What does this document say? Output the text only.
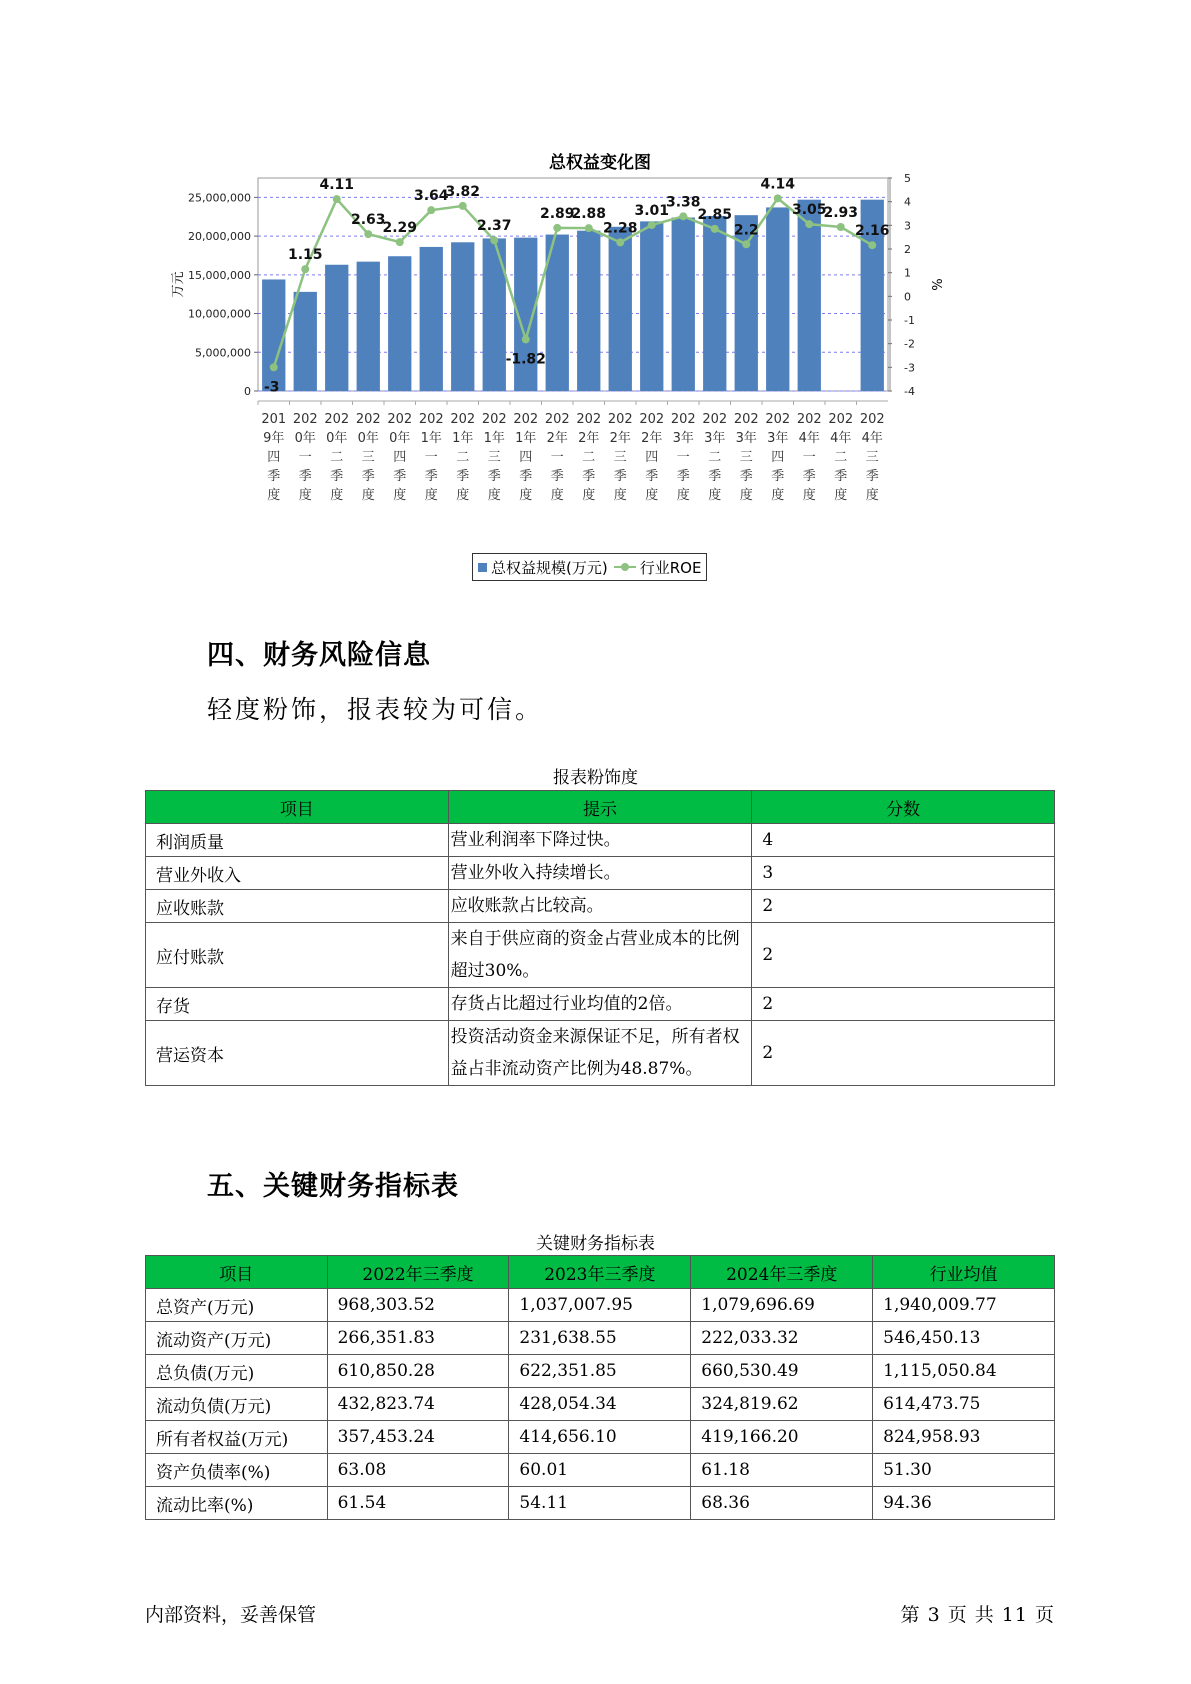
总权益变化图
0
5,000,000
10,000,000
15,000,000
20,000,000
25,000,000
-4
-3
-2
-1
0
1
2
3
4
5
万元	%
201
9年
四
季
度
202
0年
一
季
度
202
0年
二
季
度
202
0年
三
季
度
202
0年
四
季
度
202
1年
一
季
度
202
1年
二
季
度
202
1年
三
季
度
202
1年
四
季
度
202
2年
一
季
度
202
2年
二
季
度
202
2年
三
季
度
202
2年
四
季
度
202
3年
一
季
度
202
3年
二
季
度
202
3年
三
季
度
202
3年
四
季
度
202
4年
一
季
度
202
4年
二
季
度
202
4年
三
季
度
-3
1.15
4.11
2.63
2.29
3.64
3.82
2.37
-1.82
2.89
2.88
2.28
3.01
3.38
2.85
2.2
4.14
3.05
2.93
2.16
总权益规模(万元) 行业ROE
四、财务风险信息
轻度粉饰，报表较为可信。
报表粉饰度
项目	提示	分数
利润质量	营业利润率下降过快。	4
营业外收入	营业外收入持续增长。	3
应收账款	应收账款占比较高。	2
应付账款	来自于供应商的资金占营业成本的比例超过30%。	2
存货	存货占比超过行业均值的2倍。	2
营运资本	投资活动资金来源保证不足，所有者权益占非流动资产比例为48.87%。	2
五、关键财务指标表
关键财务指标表
项目	2022年三季度	2023年三季度	2024年三季度	行业均值
总资产(万元)	968,303.52	1,037,007.95	1,079,696.69	1,940,009.77
流动资产(万元)	266,351.83	231,638.55	222,033.32	546,450.13
总负债(万元)	610,850.28	622,351.85	660,530.49	1,115,050.84
流动负债(万元)	432,823.74	428,054.34	324,819.62	614,473.75
所有者权益(万元)	357,453.24	414,656.10	419,166.20	824,958.93
资产负债率(%)	63.08	60.01	61.18	51.30
流动比率(%)	61.54	54.11	68.36	94.36
内部资料，妥善保管	第 3 页 共 11 页
